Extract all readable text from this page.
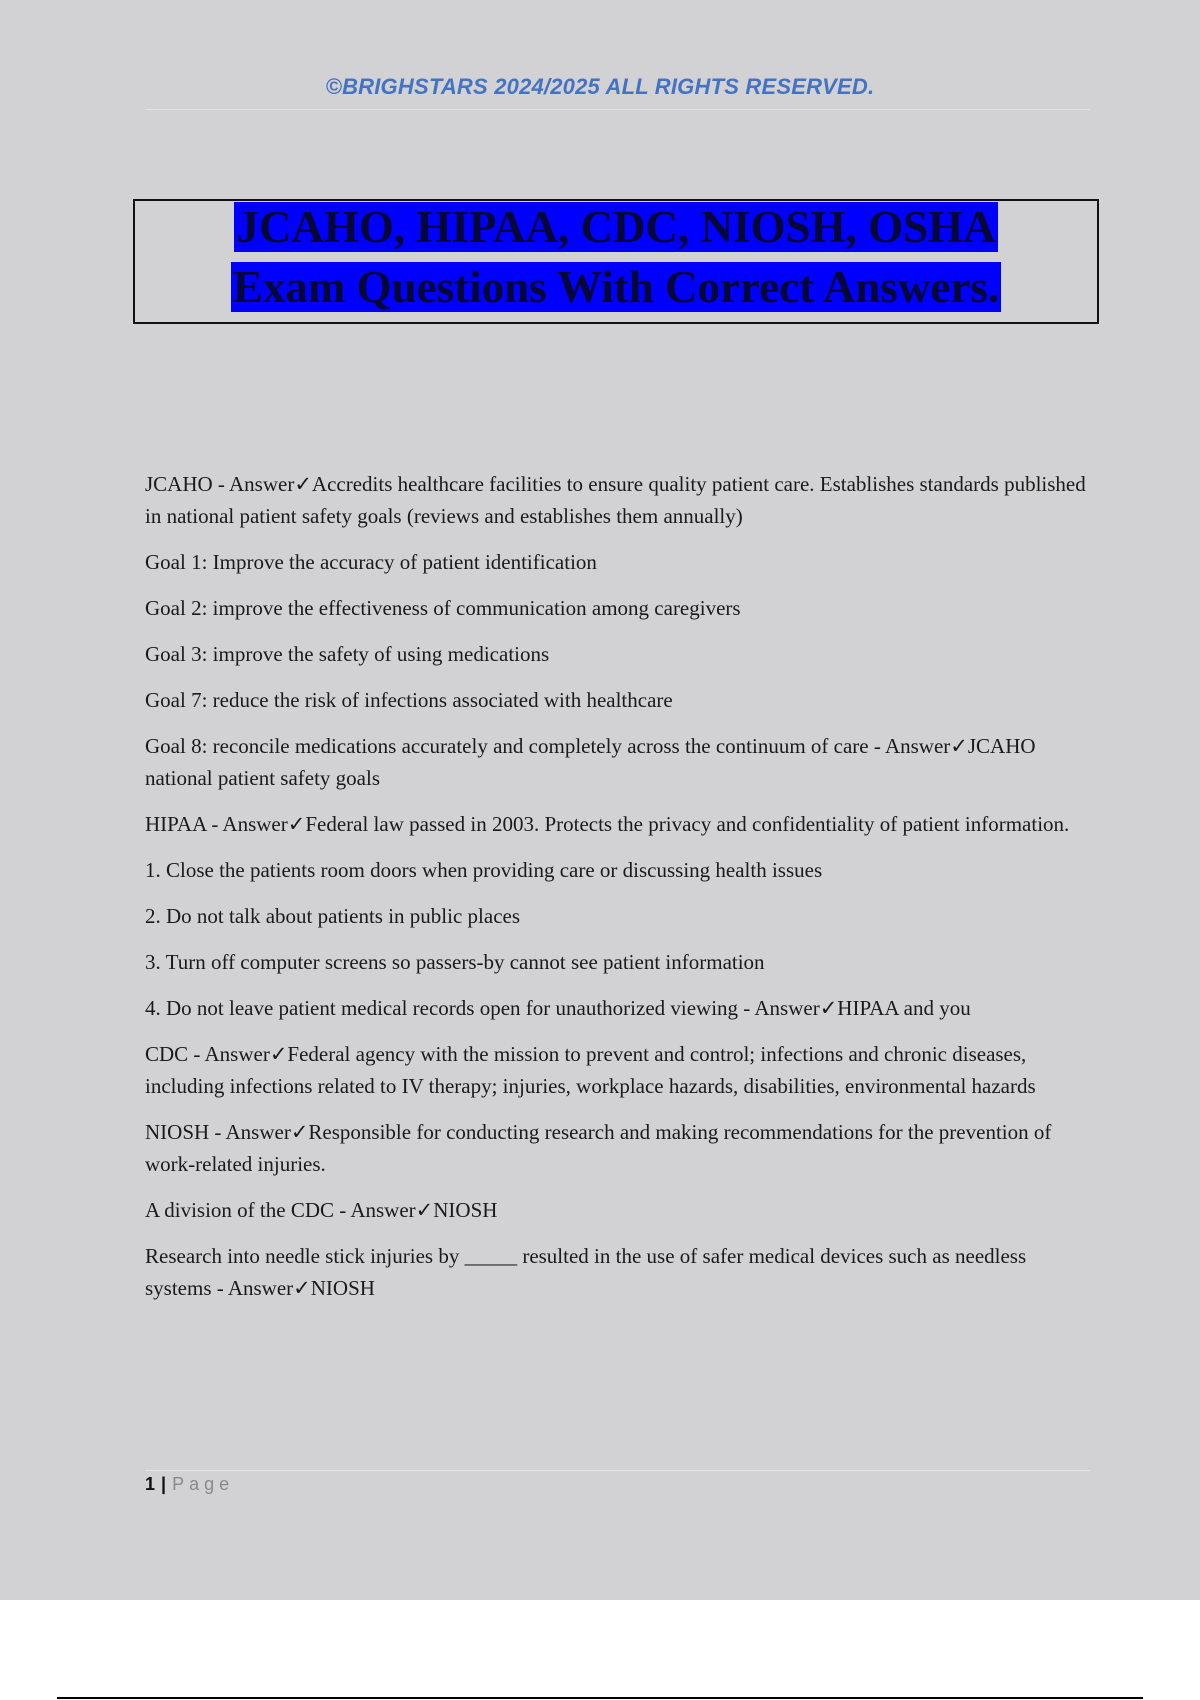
©BRIGHSTARS 2024/2025 ALL RIGHTS RESERVED.
JCAHO, HIPAA, CDC, NIOSH, OSHA
Exam Questions With Correct Answers.

JCAHO - Answer✓Accredits healthcare facilities to ensure quality patient care. Establishes standards published in national patient safety goals (reviews and establishes them annually)

Goal 1: Improve the accuracy of patient identification

Goal 2: improve the effectiveness of communication among caregivers

Goal 3: improve the safety of using medications

Goal 7: reduce the risk of infections associated with healthcare

Goal 8: reconcile medications accurately and completely across the continuum of care - Answer✓JCAHO national patient safety goals

HIPAA - Answer✓Federal law passed in 2003. Protects the privacy and confidentiality of patient information.

1. Close the patients room doors when providing care or discussing health issues

2. Do not talk about patients in public places

3. Turn off computer screens so passers-by cannot see patient information

4. Do not leave patient medical records open for unauthorized viewing - Answer✓HIPAA and you

CDC - Answer✓Federal agency with the mission to prevent and control; infections and chronic diseases, including infections related to IV therapy; injuries, workplace hazards, disabilities, environmental hazards

NIOSH - Answer✓Responsible for conducting research and making recommendations for the prevention of work-related injuries.

A division of the CDC - Answer✓NIOSH

Research into needle stick injuries by _____ resulted in the use of safer medical devices such as needless systems - Answer✓NIOSH

1 | Page
